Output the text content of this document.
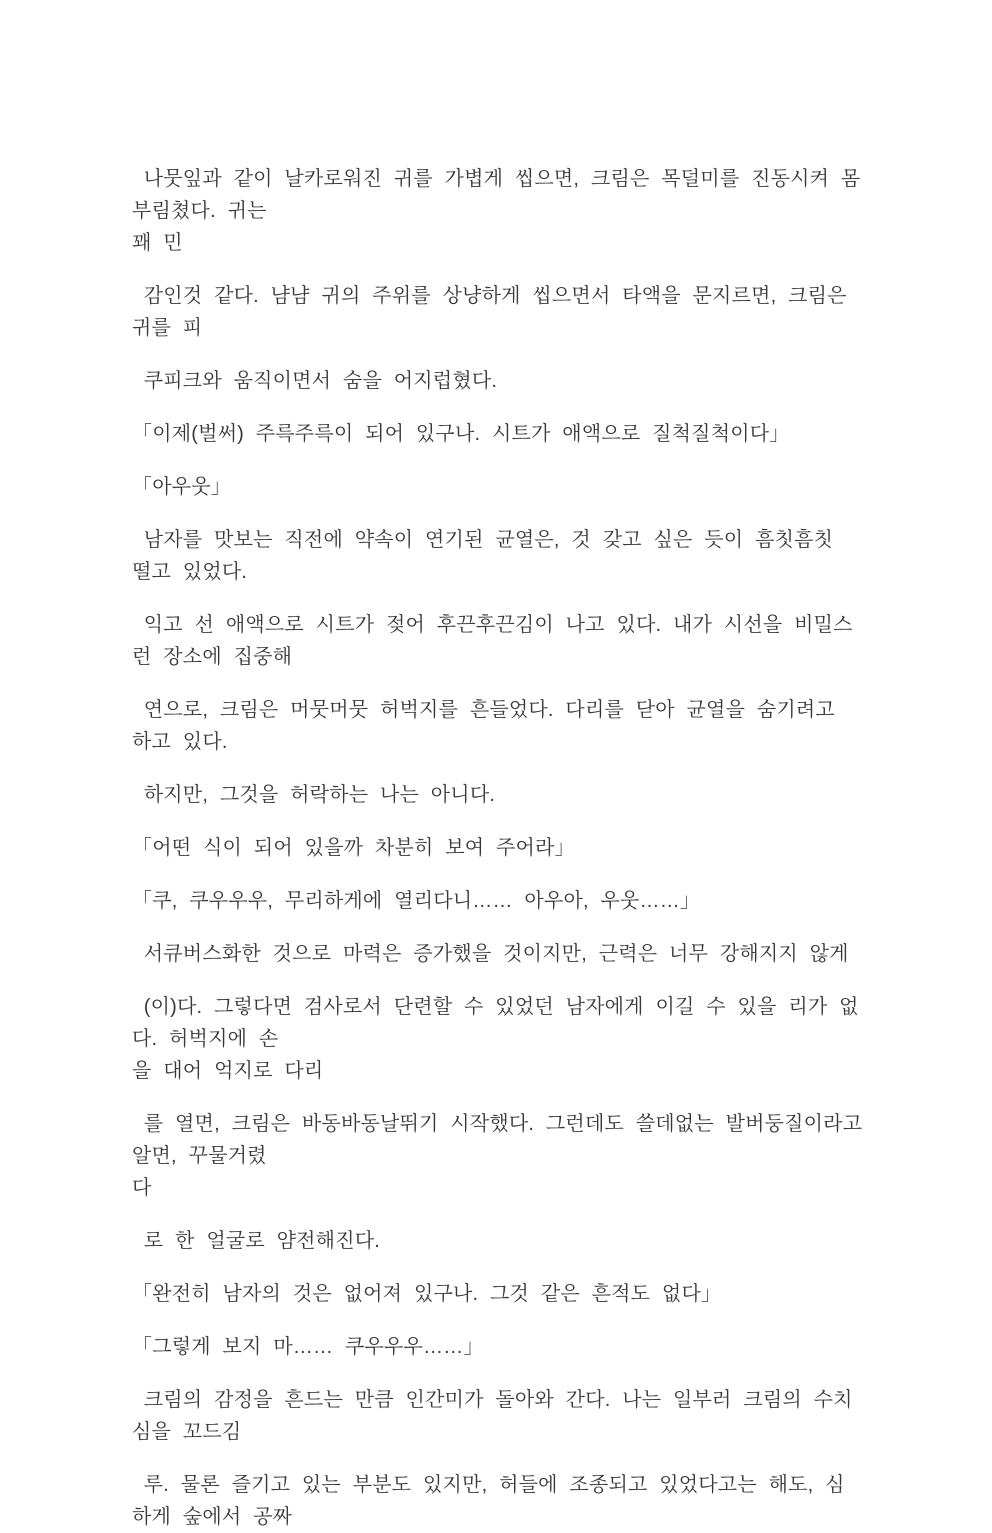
나뭇잎과 같이 날카로워진 귀를 가볍게 씹으면, 크림은 목덜미를 진동시켜 몸부림쳤다. 귀는
꽤 민
감인것 같다. 냠냠 귀의 주위를 상냥하게 씹으면서 타액을 문지르면, 크림은 귀를 피
쿠피크와 움직이면서 숨을 어지럽혔다.
「이제(벌써) 주륵주륵이 되어 있구나. 시트가 애액으로 질척질척이다」
「아우웃」
남자를 맛보는 직전에 약속이 연기된 균열은, 것 갖고 싶은 듯이 흠칫흠칫 떨고 있었다.
익고 선 애액으로 시트가 젖어 후끈후끈김이 나고 있다. 내가 시선을 비밀스런 장소에 집중해
연으로, 크림은 머뭇머뭇 허벅지를 흔들었다. 다리를 닫아 균열을 숨기려고 하고 있다.
하지만, 그것을 허락하는 나는 아니다.
「어떤 식이 되어 있을까 차분히 보여 주어라」
「쿠, 쿠우우우, 무리하게에 열리다니…… 아우아, 우웃……」
서큐버스화한 것으로 마력은 증가했을 것이지만, 근력은 너무 강해지지 않게
(이)다. 그렇다면 검사로서 단련할 수 있었던 남자에게 이길 수 있을 리가 없다. 허벅지에 손
을 대어 억지로 다리
를 열면, 크림은 바동바동날뛰기 시작했다. 그런데도 쓸데없는 발버둥질이라고 알면, 꾸물거렸
다
로 한 얼굴로 얌전해진다.
「완전히 남자의 것은 없어져 있구나. 그것 같은 흔적도 없다」
「그렇게 보지 마…… 쿠우우우……」
크림의 감정을 흔드는 만큼 인간미가 돌아와 간다. 나는 일부러 크림의 수치심을 꼬드김
루. 물론 즐기고 있는 부분도 있지만, 허들에 조종되고 있었다고는 해도, 심하게 숲에서 공짜
